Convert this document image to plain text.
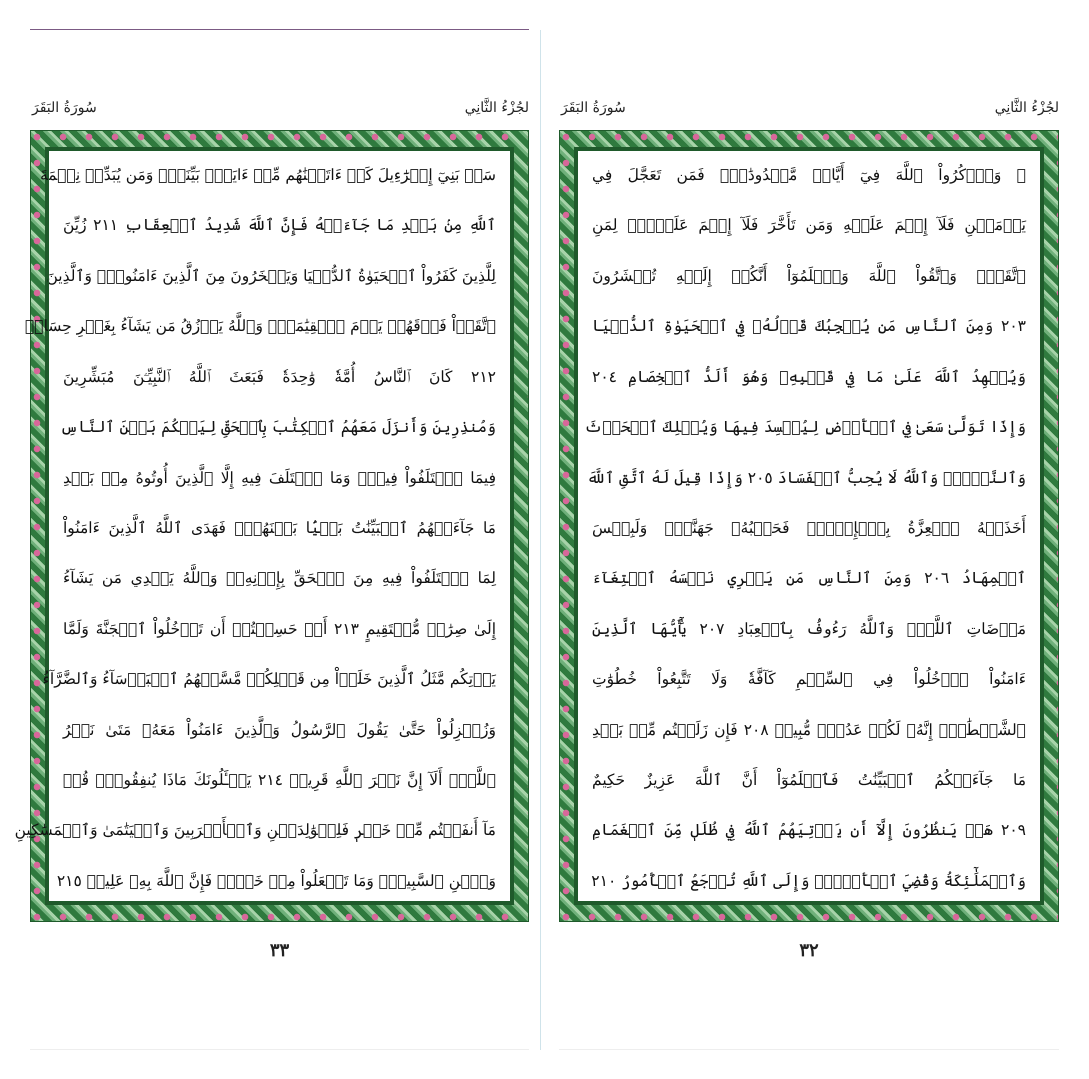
سُورَةُ البَقَرَ	لجُزْءُ الثَّانِي
سَلۡ بَنِيٓ إِسۡرَٰٓءِيلَ كَمۡ ءَاتَيۡنَٰهُم مِّنۡ ءَايَةِۭ بَيِّنَةٖۗ وَمَن يُبَدِّلۡ نِعۡمَةَ
ٱللَّهِ مِنۢ بَعۡدِ مَا جَآءَتۡهُ فَإِنَّ ٱللَّهَ شَدِيدُ ٱلۡعِقَابِ ٢١١ زُيِّنَ
لِلَّذِينَ كَفَرُواْ ٱلۡحَيَوٰةُ ٱلدُّنۡيَا وَيَسۡخَرُونَ مِنَ ٱلَّذِينَ ءَامَنُواْۘ وَٱلَّذِينَ
ٱتَّقَوۡاْ فَوۡقَهُمۡ يَوۡمَ ٱلۡقِيَٰمَةِۗ وَٱللَّهُ يَرۡزُقُ مَن يَشَآءُ بِغَيۡرِ حِسَابٖ
٢١٢ كَانَ ٱلنَّاسُ أُمَّةٗ وَٰحِدَةٗ فَبَعَثَ ٱللَّهُ ٱلنَّبِيِّـۧنَ مُبَشِّرِينَ
وَمُنذِرِينَ وَأَنزَلَ مَعَهُمُ ٱلۡكِتَٰبَ بِٱلۡحَقِّ لِيَحۡكُمَ بَيۡنَ ٱلنَّاسِ
فِيمَا ٱخۡتَلَفُواْ فِيهِۚ وَمَا ٱخۡتَلَفَ فِيهِ إِلَّا ٱلَّذِينَ أُوتُوهُ مِنۢ بَعۡدِ
مَا جَآءَتۡهُمُ ٱلۡبَيِّنَٰتُ بَغۡيَۢا بَيۡنَهُمۡۖ فَهَدَى ٱللَّهُ ٱلَّذِينَ ءَامَنُواْ
لِمَا ٱخۡتَلَفُواْ فِيهِ مِنَ ٱلۡحَقِّ بِإِذۡنِهِۦۗ وَٱللَّهُ يَهۡدِي مَن يَشَآءُ
إِلَىٰ صِرَٰطٖ مُّسۡتَقِيمٍ ٢١٣ أَمۡ حَسِبۡتُمۡ أَن تَدۡخُلُواْ ٱلۡجَنَّةَ وَلَمَّا
يَأۡتِكُم مَّثَلُ ٱلَّذِينَ خَلَوۡاْ مِن قَبۡلِكُمۖ مَّسَّتۡهُمُ ٱلۡبَأۡسَآءُ وَٱلضَّرَّآءُ
وَزُلۡزِلُواْ حَتَّىٰ يَقُولَ ٱلرَّسُولُ وَٱلَّذِينَ ءَامَنُواْ مَعَهُۥ مَتَىٰ نَصۡرُ
ٱللَّهِۗ أَلَآ إِنَّ نَصۡرَ ٱللَّهِ قَرِيبٞ ٢١٤ يَسۡـَٔلُونَكَ مَاذَا يُنفِقُونَۖ قُلۡ
مَآ أَنفَقۡتُم مِّنۡ خَيۡرٖ فَلِلۡوَٰلِدَيۡنِ وَٱلۡأَقۡرَبِينَ وَٱلۡيَتَٰمَىٰ وَٱلۡمَسَٰكِينِ
وَٱبۡنِ ٱلسَّبِيلِۗ وَمَا تَفۡعَلُواْ مِنۡ خَيۡرٖ فَإِنَّ ٱللَّهَ بِهِۦ عَلِيمٞ ٢١٥
٣٣
سُورَةُ البَقَرَ	لجُزْءُ الثَّانِي
۞ وَٱذۡكُرُواْ ٱللَّهَ فِيٓ أَيَّامٖ مَّعۡدُودَٰتٖۚ فَمَن تَعَجَّلَ فِي
يَوۡمَيۡنِ فَلَآ إِثۡمَ عَلَيۡهِ وَمَن تَأَخَّرَ فَلَآ إِثۡمَ عَلَيۡهِۖ لِمَنِ
ٱتَّقَىٰۗ وَٱتَّقُواْ ٱللَّهَ وَٱعۡلَمُوٓاْ أَنَّكُمۡ إِلَيۡهِ تُحۡشَرُونَ
٢٠٣ وَمِنَ ٱلنَّاسِ مَن يُعۡجِبُكَ قَوۡلُهُۥ فِي ٱلۡحَيَوٰةِ ٱلدُّنۡيَا
وَيُشۡهِدُ ٱللَّهَ عَلَىٰ مَا فِي قَلۡبِهِۦ وَهُوَ أَلَدُّ ٱلۡخِصَامِ ٢٠٤
وَإِذَا تَوَلَّىٰ سَعَىٰ فِي ٱلۡأَرۡضِ لِيُفۡسِدَ فِيهَا وَيُهۡلِكَ ٱلۡحَرۡثَ
وَٱلنَّسۡلَۚ وَٱللَّهُ لَا يُحِبُّ ٱلۡفَسَادَ ٢٠٥ وَإِذَا قِيلَ لَهُ ٱتَّقِ ٱللَّهَ
أَخَذَتۡهُ ٱلۡعِزَّةُ بِٱلۡإِثۡمِۚ فَحَسۡبُهُۥ جَهَنَّمُۖ وَلَبِئۡسَ
ٱلۡمِهَادُ ٢٠٦ وَمِنَ ٱلنَّاسِ مَن يَشۡرِي نَفۡسَهُ ٱبۡتِغَآءَ
مَرۡضَاتِ ٱللَّهِۚ وَٱللَّهُ رَءُوفُۢ بِٱلۡعِبَادِ ٢٠٧ يَٰٓأَيُّهَا ٱلَّذِينَ
ءَامَنُواْ ٱدۡخُلُواْ فِي ٱلسِّلۡمِ كَآفَّةٗ وَلَا تَتَّبِعُواْ خُطُوَٰتِ
ٱلشَّيۡطَٰنِۚ إِنَّهُۥ لَكُمۡ عَدُوّٞ مُّبِينٞ ٢٠٨ فَإِن زَلَلۡتُم مِّنۢ بَعۡدِ
مَا جَآءَتۡكُمُ ٱلۡبَيِّنَٰتُ فَٱعۡلَمُوٓاْ أَنَّ ٱللَّهَ عَزِيزٌ حَكِيمٌ
٢٠٩ هَلۡ يَنظُرُونَ إِلَّآ أَن يَأۡتِيَهُمُ ٱللَّهُ فِي ظُلَلٖ مِّنَ ٱلۡغَمَامِ
وَٱلۡمَلَٰٓئِكَةُ وَقُضِيَ ٱلۡأَمۡرُۚ وَإِلَى ٱللَّهِ تُرۡجَعُ ٱلۡأُمُورُ ٢١٠
٣٢
